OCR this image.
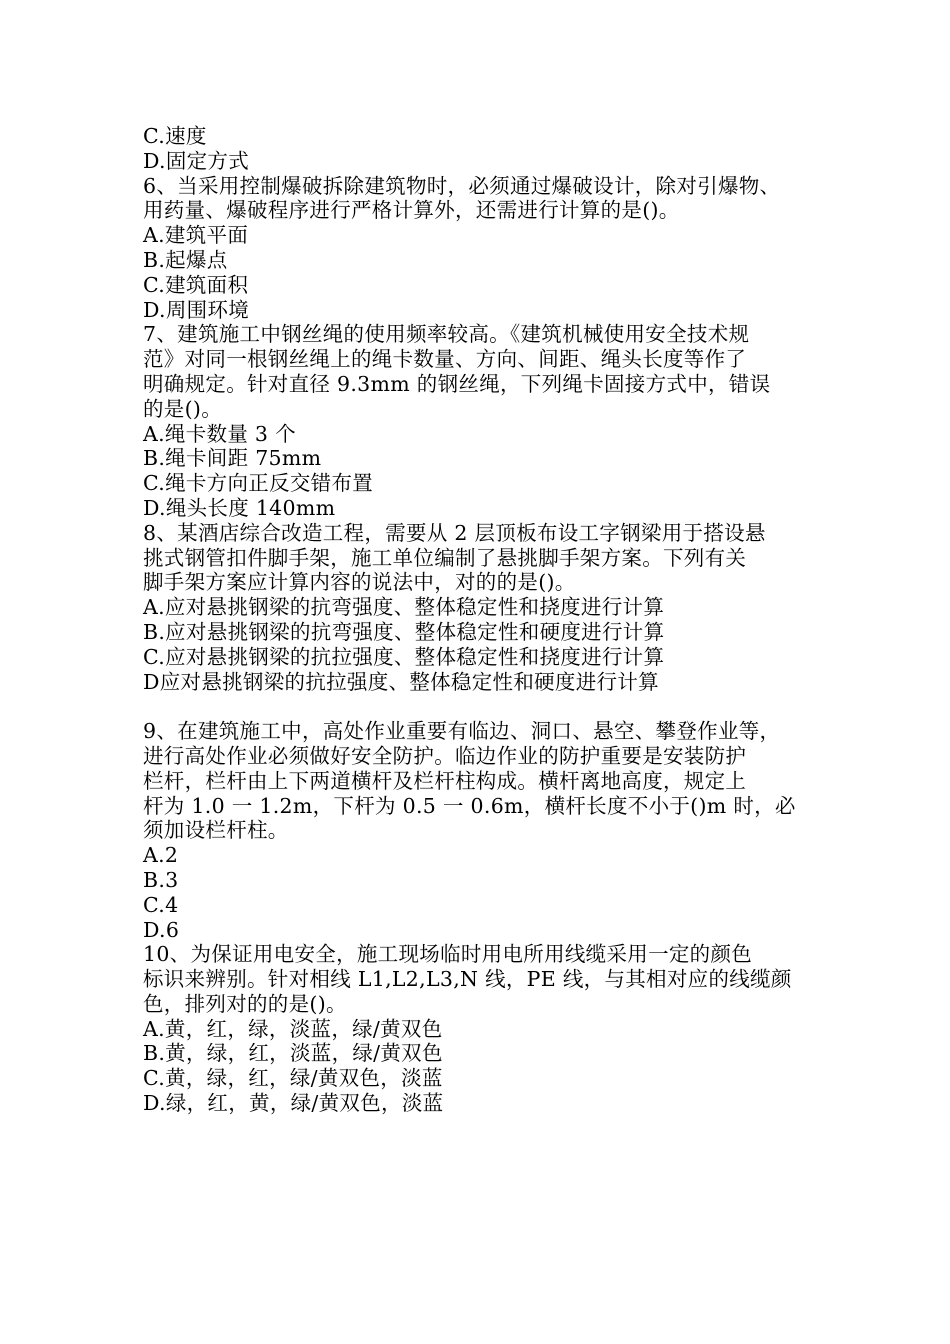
C.速度
D.固定方式
6、当采用控制爆破拆除建筑物时，必须通过爆破设计，除对引爆物、
用药量、爆破程序进行严格计算外，还需进行计算的是()。
A.建筑平面
B.起爆点
C.建筑面积
D.周围环境
7、建筑施工中钢丝绳的使用频率较高。《建筑机械使用安全技术规
范》对同一根钢丝绳上的绳卡数量、方向、间距、绳头长度等作了
明确规定。针对直径 9.3mm 的钢丝绳，下列绳卡固接方式中，错误
的是()。
A.绳卡数量 3 个
B.绳卡间距 75mm
C.绳卡方向正反交错布置
D.绳头长度 140mm
8、某酒店综合改造工程，需要从 2 层顶板布设工字钢梁用于搭设悬
挑式钢管扣件脚手架，施工单位编制了悬挑脚手架方案。下列有关
脚手架方案应计算内容的说法中，对的的是()。
A.应对悬挑钢梁的抗弯强度、整体稳定性和挠度进行计算
B.应对悬挑钢梁的抗弯强度、整体稳定性和硬度进行计算
C.应对悬挑钢梁的抗拉强度、整体稳定性和挠度进行计算
D应对悬挑钢梁的抗拉强度、整体稳定性和硬度进行计算
9、在建筑施工中，高处作业重要有临边、洞口、悬空、攀登作业等，
进行高处作业必须做好安全防护。临边作业的防护重要是安装防护
栏杆，栏杆由上下两道横杆及栏杆柱构成。横杆离地高度，规定上
杆为 1.0 一 1.2m，下杆为 0.5 一 0.6m，横杆长度不小于()m 时，必
须加设栏杆柱。
A.2
B.3
C.4
D.6
10、为保证用电安全，施工现场临时用电所用线缆采用一定的颜色
标识来辨别。针对相线 L1,L2,L3,N 线，PE 线，与其相对应的线缆颜
色，排列对的的是()。
A.黄，红，绿，淡蓝，绿/黄双色
B.黄，绿，红，淡蓝，绿/黄双色
C.黄，绿，红，绿/黄双色，淡蓝
D.绿，红，黄，绿/黄双色，淡蓝
